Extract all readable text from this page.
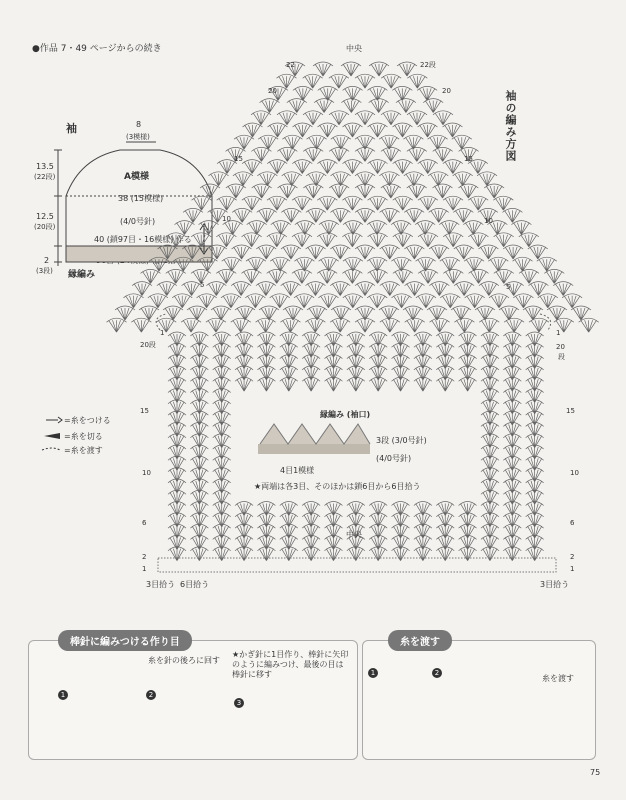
●作品 7・49 ページからの続き
袖	8
(3模様)
13.5
(22段)
12.5
(20段)
2
(3段)
A模様
38 (15模様)
(4/0号針)
40 (鎖97目・16模様) 作る
縁編み
袖の編み方図
中央
中央
22
20
15
10
5
1
20段
15
10
6
2
1
22段
20
15
10
5
1
20
段
15
10
6
2
1
3目拾う 6目拾う	3目拾う
縁編み (袖口)
3段 (3/0号針)
(4/0号針)
4目1模様
★両端は各3目、そのほかは鎖6目から6目拾う
=糸をつける
=糸を切る
=糸を渡す
棒針に編みつける作り目	糸を渡す
糸を針の後ろに回す
★かぎ針に1目作り、棒針に矢印のように編みつけ、最後の目は棒針に移す	糸を渡す
1	2
3
1	2
75
